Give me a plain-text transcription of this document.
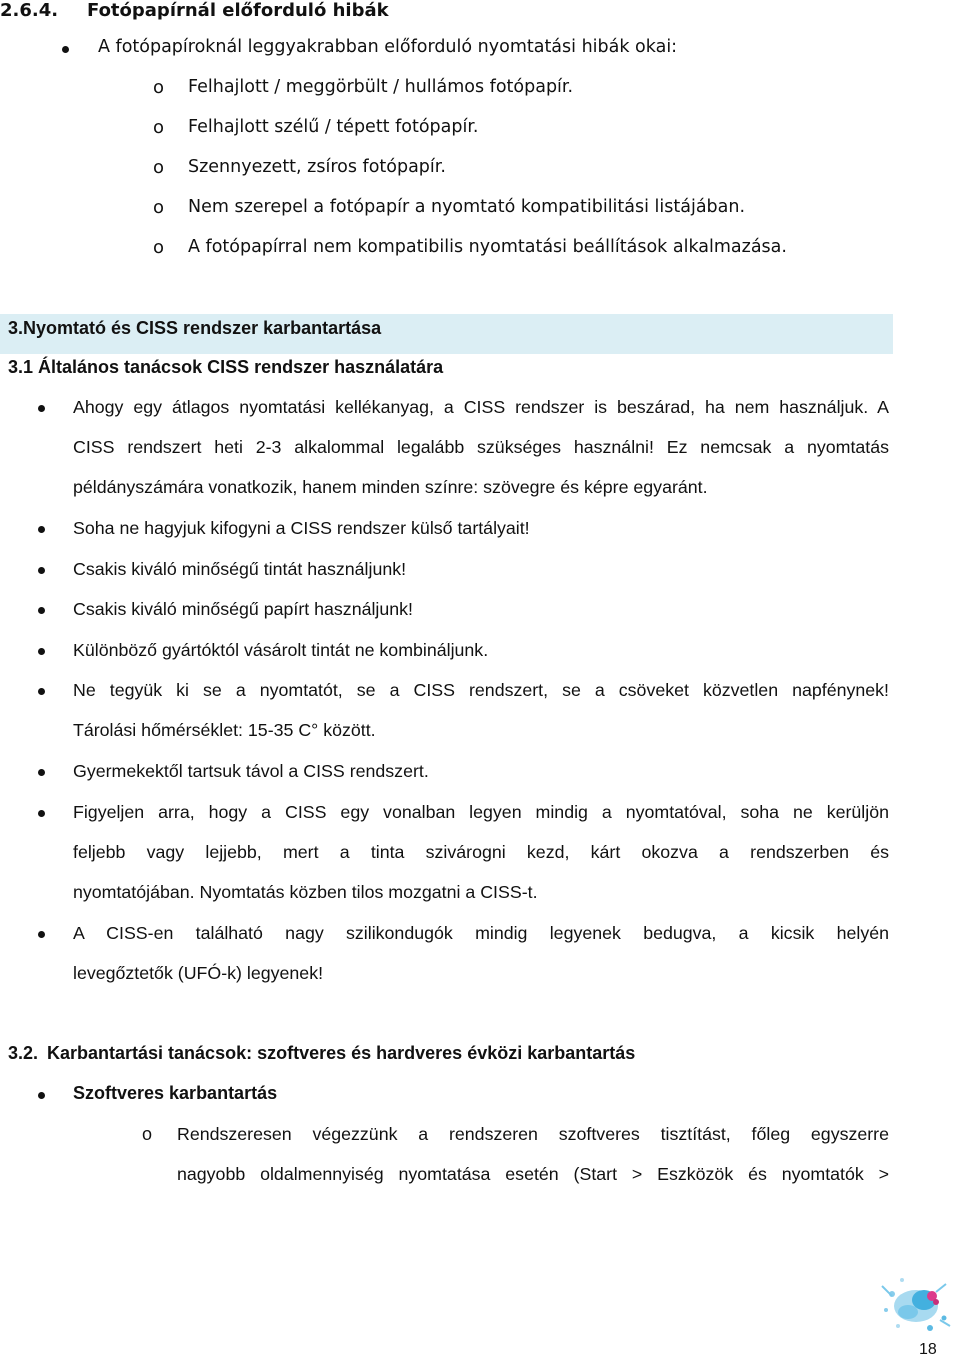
2.6.4. Fotópapírnál előforduló hibák
A fotópapíroknál leggyakrabban előforduló nyomtatási hibák okai:
o Felhajlott / meggörbült / hullámos fotópapír.
o Felhajlott szélű / tépett fotópapír.
o Szennyezett, zsíros fotópapír.
o Nem szerepel a fotópapír a nyomtató kompatibilitási listájában.
o A fotópapírral nem kompatibilis nyomtatási beállítások alkalmazása.
3.Nyomtató és CISS rendszer karbantartása
3.1 Általános tanácsok CISS rendszer használatára
Ahogy egy átlagos nyomtatási kellékanyag, a CISS rendszer is beszárad, ha nem használjuk. A
CISS rendszert heti 2-3 alkalommal legalább szükséges használni! Ez nemcsak a nyomtatás
példányszámára vonatkozik, hanem minden színre: szövegre és képre egyaránt.
Soha ne hagyjuk kifogyni a CISS rendszer külső tartályait!
Csakis kiváló minőségű tintát használjunk!
Csakis kiváló minőségű papírt használjunk!
Különböző gyártóktól vásárolt tintát ne kombináljunk.
Ne tegyük ki se a nyomtatót, se a CISS rendszert, se a csöveket közvetlen napfénynek!
Tárolási hőmérséklet: 15-35 C° között.
Gyermekektől tartsuk távol a CISS rendszert.
Figyeljen arra, hogy a CISS egy vonalban legyen mindig a nyomtatóval, soha ne kerüljön
feljebb vagy lejjebb, mert a tinta szivárogni kezd, kárt okozva a rendszerben és
nyomtatójában. Nyomtatás közben tilos mozgatni a CISS-t.
A CISS-en található nagy szilikondugók mindig legyenek bedugva, a kicsik helyén
levegőztetők (UFÓ-k) legyenek!
3.2. Karbantartási tanácsok: szoftveres és hardveres évközi karbantartás
Szoftveres karbantartás
o Rendszeresen végezzünk a rendszeren szoftveres tisztítást, főleg egyszerre
nagyobb oldalmennyiség nyomtatása esetén (Start > Eszközök és nyomtatók >
18
